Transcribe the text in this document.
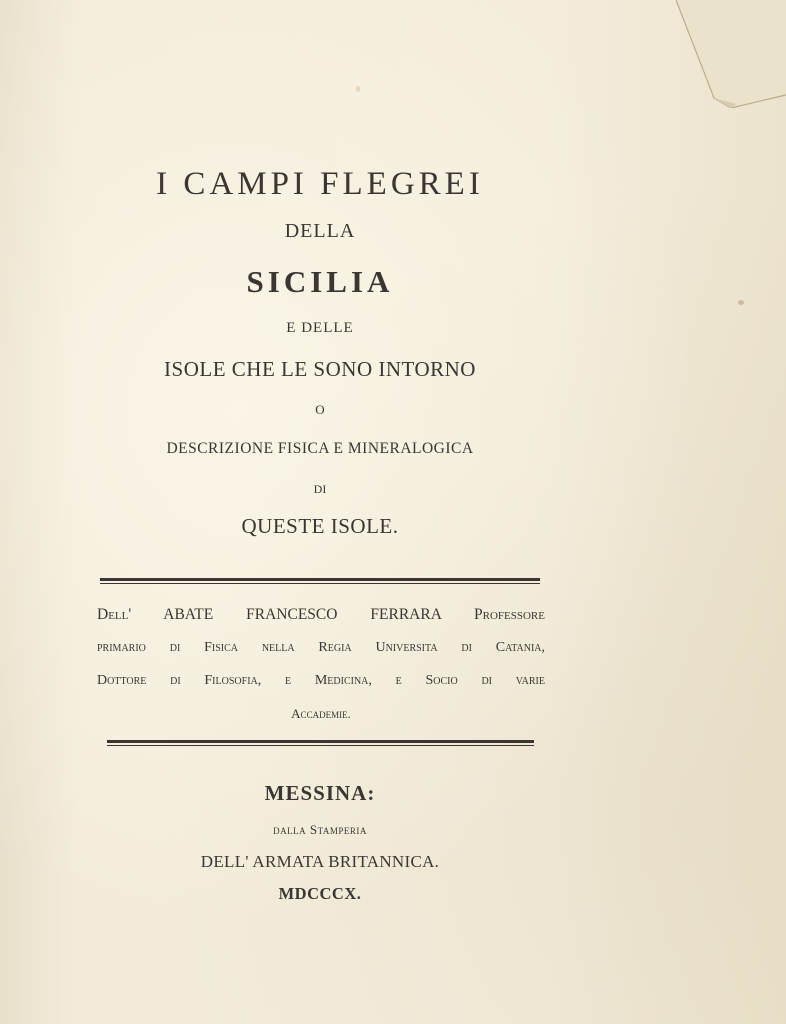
I CAMPI FLEGREI
DELLA
SICILIA
E DELLE
ISOLE CHE LE SONO INTORNO
O
DESCRIZIONE FISICA E MINERALOGICA
DI
QUESTE ISOLE.
Dell' ABATE FRANCESCO FERRARA Professore
primario di Fisica nella Regia Universita di Catania,
Dottore di Filosofia, e Medicina, e Socio di varie
Accademie.
MESSINA:
dalla Stamperia
DELL' ARMATA BRITANNICA.
MDCCCX.
